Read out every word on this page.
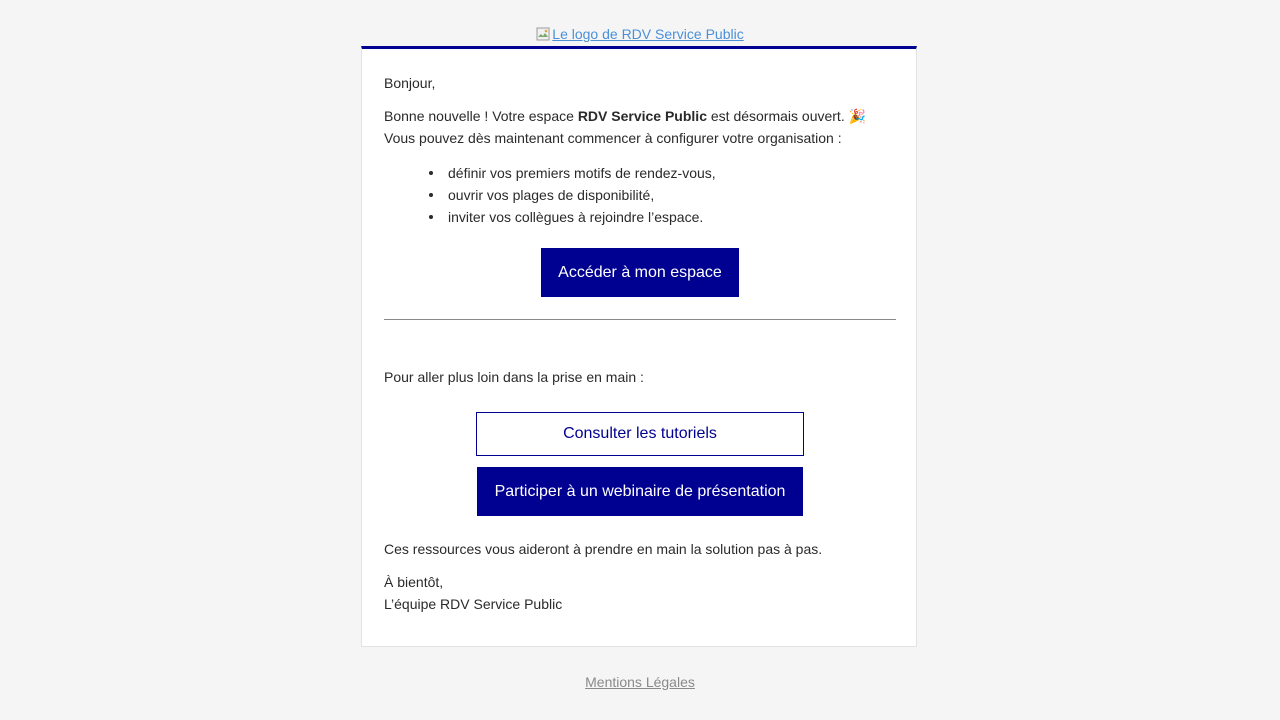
Le logo de RDV Service Public
Bonjour,
Bonne nouvelle ! Votre espace RDV Service Public est désormais ouvert. 🎉
Vous pouvez dès maintenant commencer à configurer votre organisation :
définir vos premiers motifs de rendez-vous,
ouvrir vos plages de disponibilité,
inviter vos collègues à rejoindre l’espace.
Accéder à mon espace
Pour aller plus loin dans la prise en main :
Consulter les tutoriels
Participer à un webinaire de présentation
Ces ressources vous aideront à prendre en main la solution pas à pas.
À bientôt,
L’équipe RDV Service Public
Mentions Légales
